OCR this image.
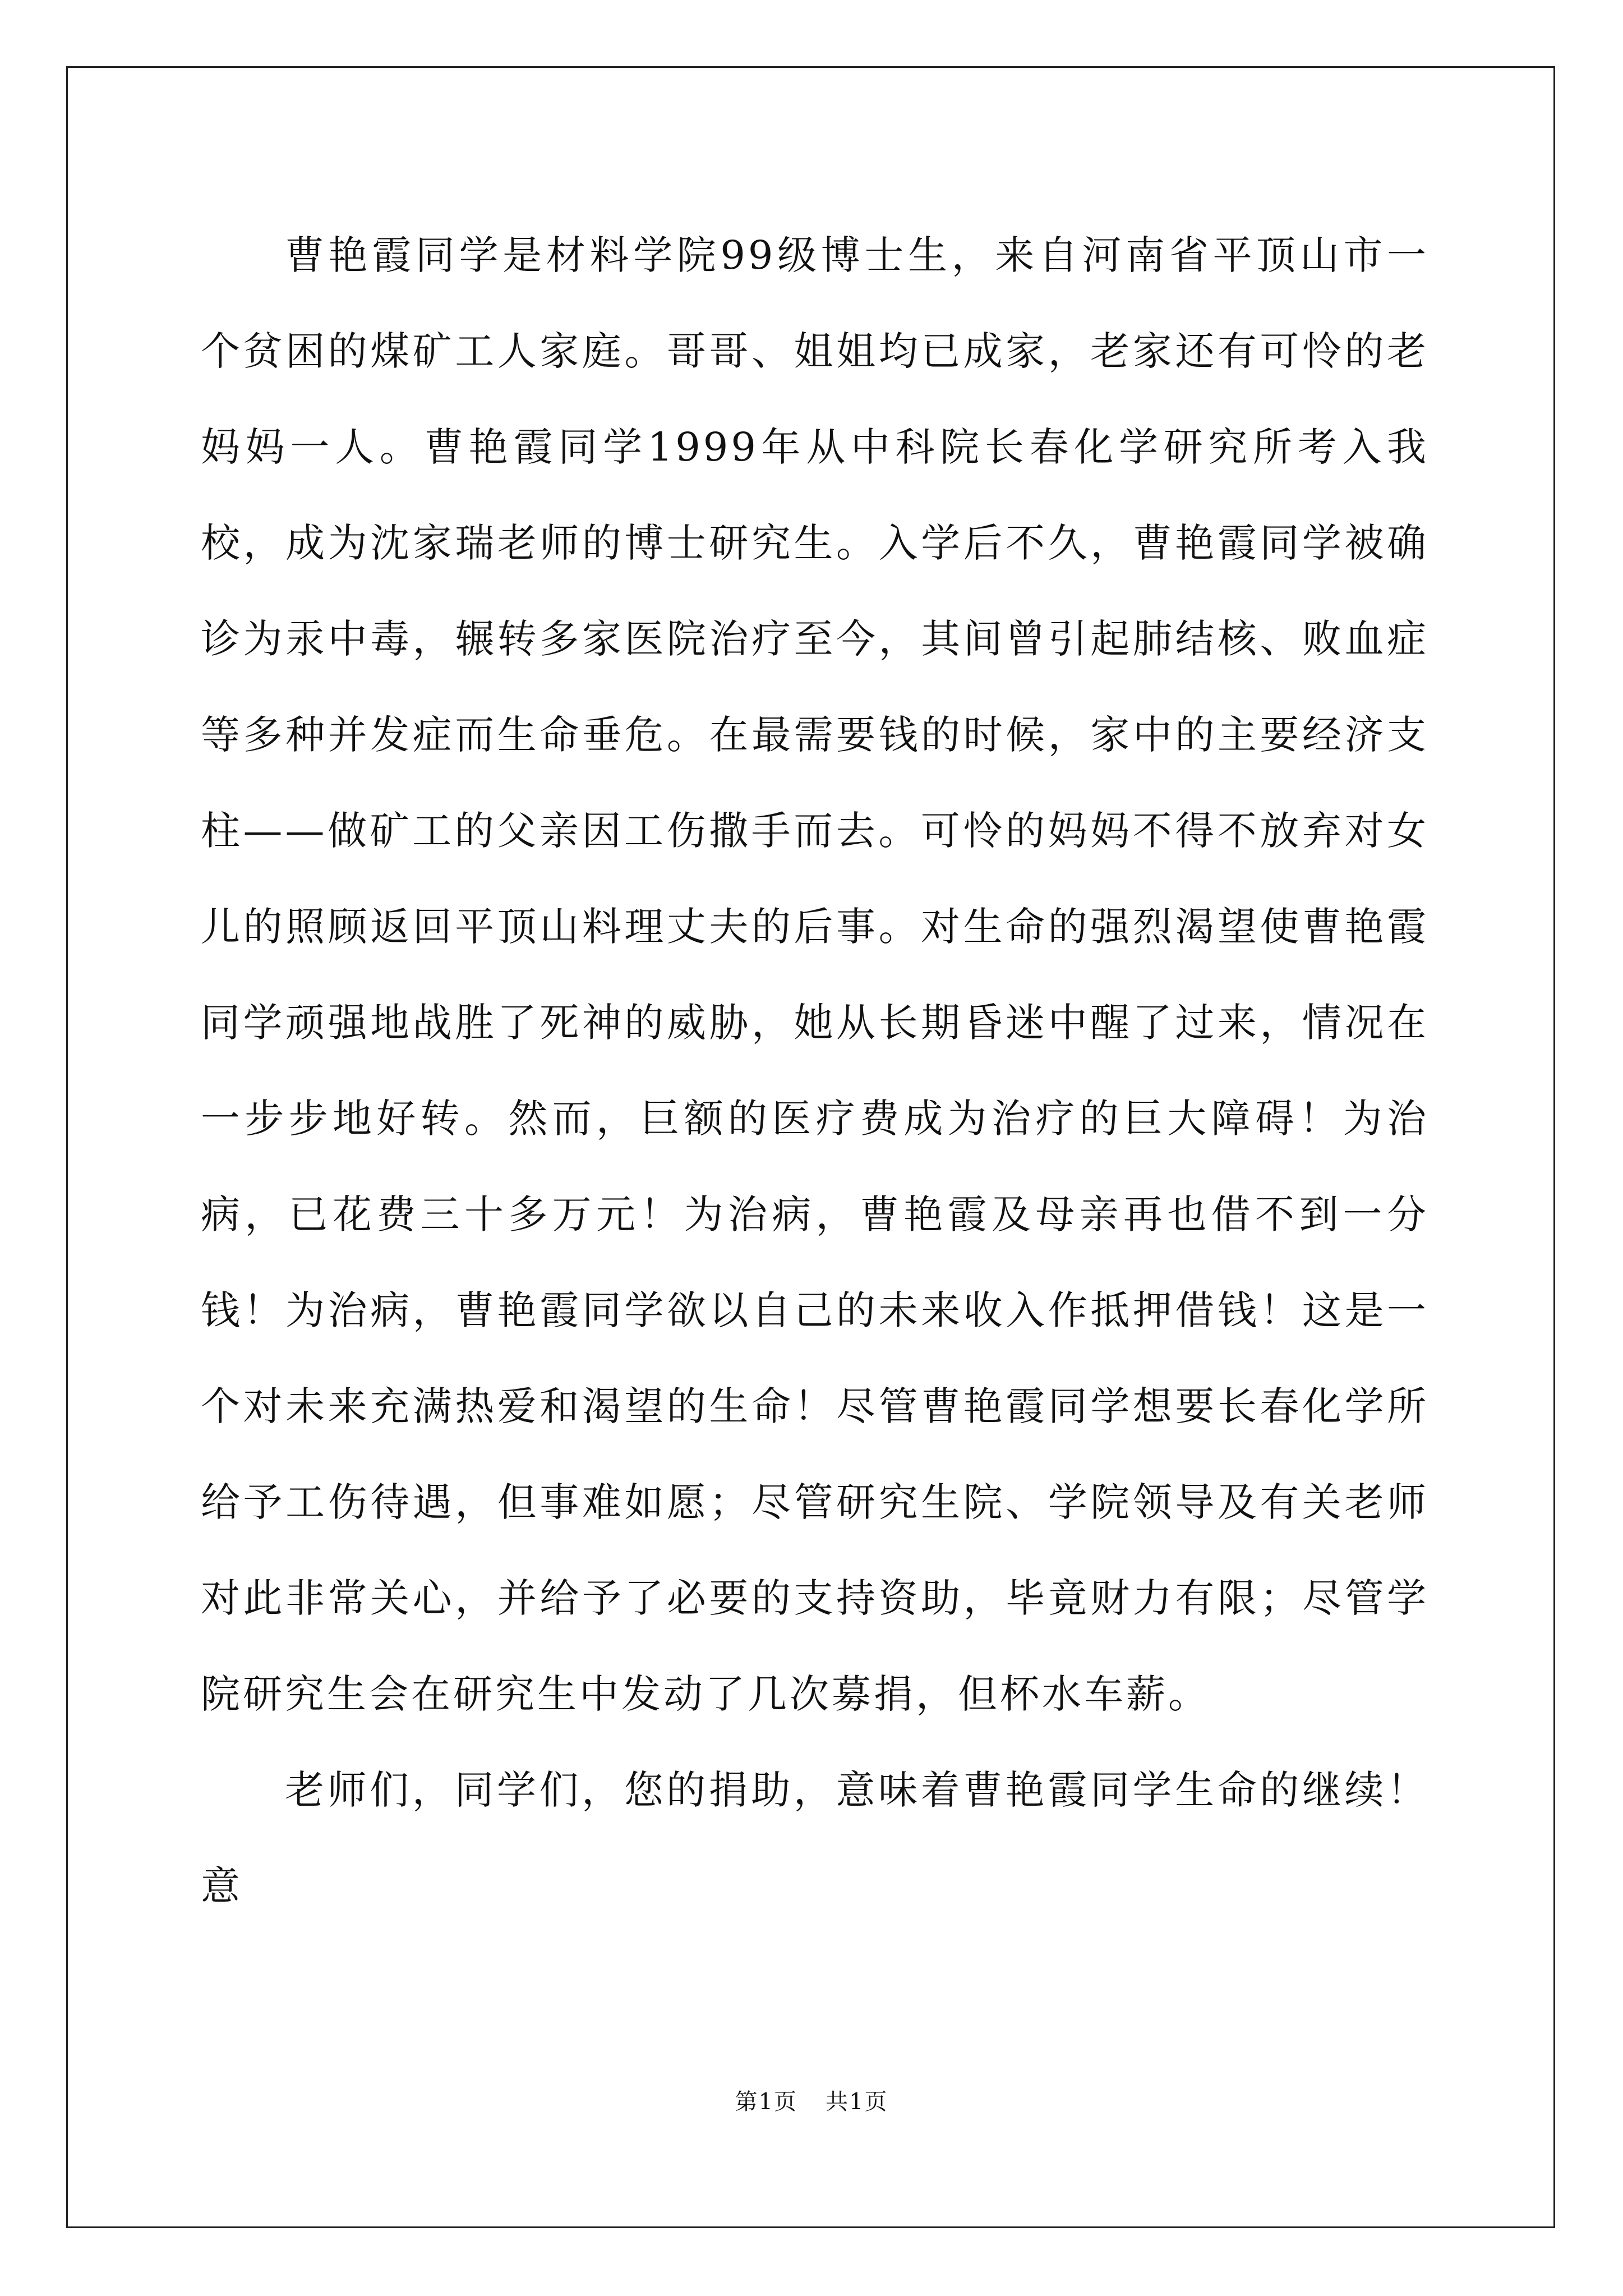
曹艳霞同学是材料学院99级博士生，来自河南省平顶山市一个贫困的煤矿工人家庭。哥哥、姐姐均已成家，老家还有可怜的老妈妈一人。曹艳霞同学1999年从中科院长春化学研究所考入我校，成为沈家瑞老师的博士研究生。入学后不久，曹艳霞同学被确诊为汞中毒，辗转多家医院治疗至今，其间曾引起肺结核、败血症等多种并发症而生命垂危。在最需要钱的时候，家中的主要经济支柱——做矿工的父亲因工伤撒手而去。可怜的妈妈不得不放弃对女儿的照顾返回平顶山料理丈夫的后事。对生命的强烈渴望使曹艳霞同学顽强地战胜了死神的威胁，她从长期昏迷中醒了过来，情况在一步步地好转。然而，巨额的医疗费成为治疗的巨大障碍！为治病，已花费三十多万元！为治病，曹艳霞及母亲再也借不到一分钱！为治病，曹艳霞同学欲以自己的未来收入作抵押借钱！这是一个对未来充满热爱和渴望的生命！尽管曹艳霞同学想要长春化学所给予工伤待遇，但事难如愿；尽管研究生院、学院领导及有关老师对此非常关心，并给予了必要的支持资助，毕竟财力有限；尽管学院研究生会在研究生中发动了几次募捐，但杯水车薪。

老师们，同学们，您的捐助，意味着曹艳霞同学生命的继续！意

第1页 共1页
